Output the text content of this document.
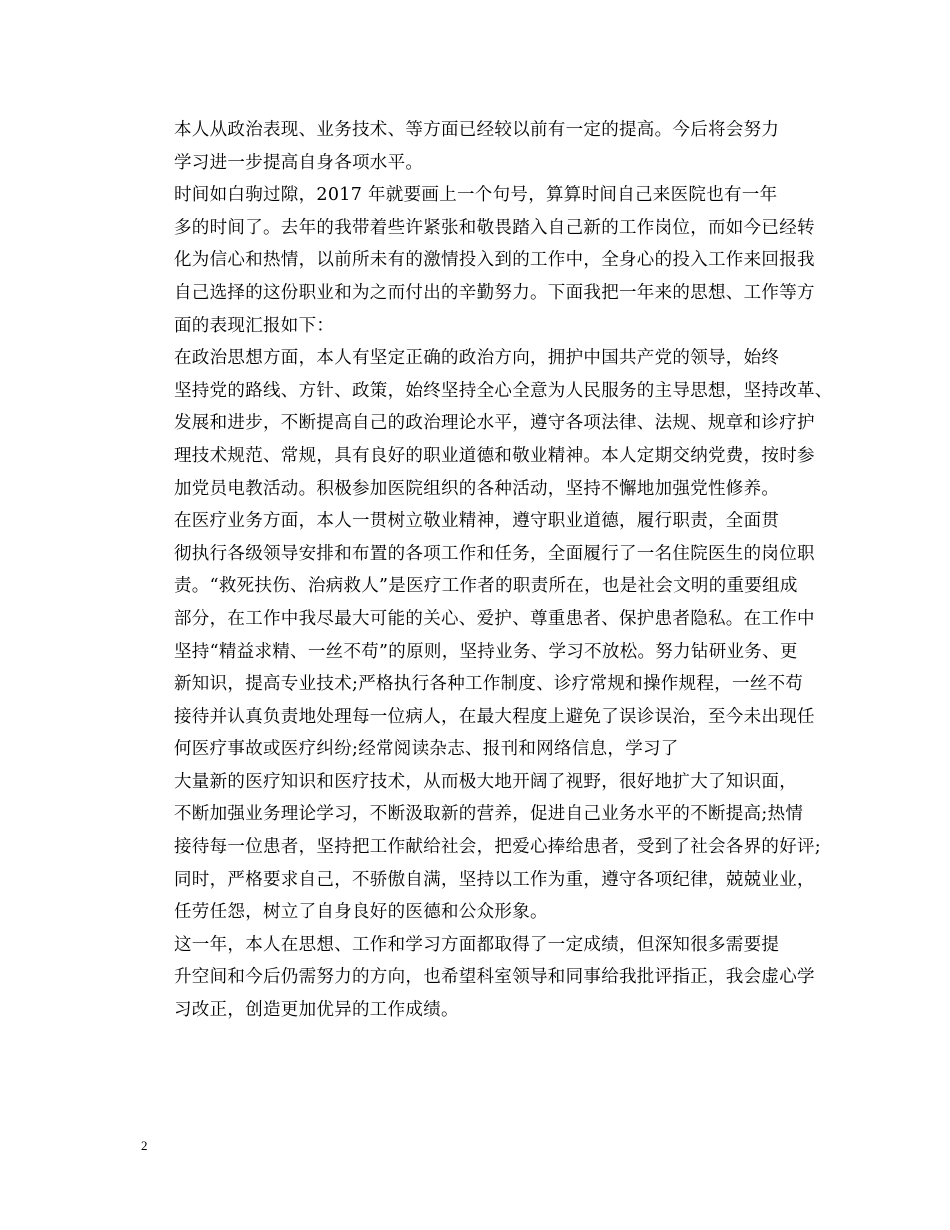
本人从政治表现、业务技术、等方面已经较以前有一定的提高。今后将会努力
学习进一步提高自身各项水平。

时间如白驹过隙，2017 年就要画上一个句号，算算时间自己来医院也有一年
多的时间了。去年的我带着些许紧张和敬畏踏入自己新的工作岗位，而如今已经转
化为信心和热情，以前所未有的激情投入到的工作中，全身心的投入工作来回报我
自己选择的这份职业和为之而付出的辛勤努力。下面我把一年来的思想、工作等方
面的表现汇报如下：

在政治思想方面，本人有坚定正确的政治方向，拥护中国共产党的领导，始终
坚持党的路线、方针、政策，始终坚持全心全意为人民服务的主导思想，坚持改革、
发展和进步，不断提高自己的政治理论水平，遵守各项法律、法规、规章和诊疗护
理技术规范、常规，具有良好的职业道德和敬业精神。本人定期交纳党费，按时参
加党员电教活动。积极参加医院组织的各种活动，坚持不懈地加强党性修养。

在医疗业务方面，本人一贯树立敬业精神，遵守职业道德，履行职责，全面贯
彻执行各级领导安排和布置的各项工作和任务，全面履行了一名住院医生的岗位职
责。“救死扶伤、治病救人”是医疗工作者的职责所在，也是社会文明的重要组成
部分，在工作中我尽最大可能的关心、爱护、尊重患者、保护患者隐私。在工作中
坚持“精益求精、一丝不苟”的原则，坚持业务、学习不放松。努力钻研业务、更
新知识，提高专业技术;严格执行各种工作制度、诊疗常规和操作规程，一丝不苟
接待并认真负责地处理每一位病人，在最大程度上避免了误诊误治，至今未出现任
何医疗事故或医疗纠纷;经常阅读杂志、报刊和网络信息，学习了

大量新的医疗知识和医疗技术，从而极大地开阔了视野，很好地扩大了知识面，
不断加强业务理论学习，不断汲取新的营养，促进自己业务水平的不断提高;热情
接待每一位患者，坚持把工作献给社会，把爱心捧给患者，受到了社会各界的好评;
同时，严格要求自己，不骄傲自满，坚持以工作为重，遵守各项纪律，兢兢业业，
任劳任怨，树立了自身良好的医德和公众形象。

这一年，本人在思想、工作和学习方面都取得了一定成绩，但深知很多需要提
升空间和今后仍需努力的方向，也希望科室领导和同事给我批评指正，我会虚心学
习改正，创造更加优异的工作成绩。

2
